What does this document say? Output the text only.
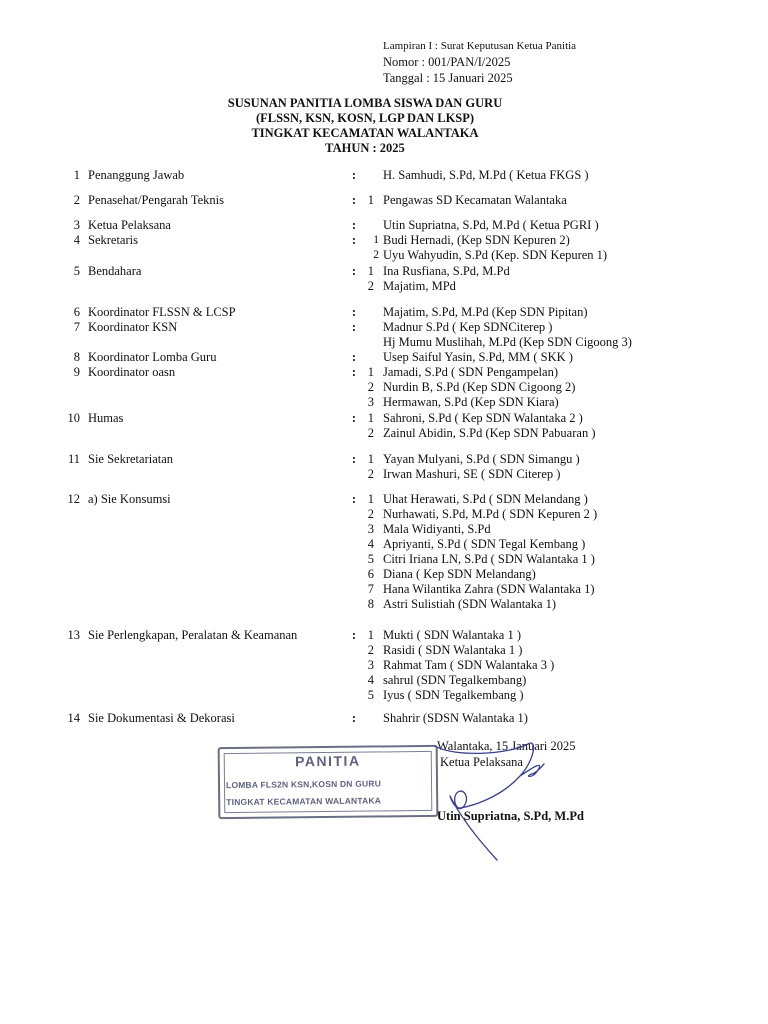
Lampiran I : Surat Keputusan Ketua Panitia
Nomor : 001/PAN/I/2025
Tanggal : 15 Januari 2025
SUSUNAN PANITIA LOMBA SISWA DAN GURU
(FLSSN, KSN, KOSN, LGP DAN LKSP)
TINGKAT KECAMATAN WALANTAKA
TAHUN : 2025
1 Penanggung Jawab	: H. Samhudi, S.Pd, M.Pd ( Ketua FKGS )
2 Penasehat/Pengarah Teknis	: 1 Pengawas SD Kecamatan Walantaka
3 Ketua Pelaksana	: Utin Supriatna, S.Pd, M.Pd ( Ketua PGRI )
4 Sekretaris	:	1 Budi Hernadi, (Kep SDN Kepuren 2)
2 Uyu Wahyudin, S.Pd (Kep. SDN Kepuren 1)
5 Bendahara	: 1 Ina Rusfiana, S.Pd, M.Pd
2 Majatim, MPd
6 Koordinator FLSSN & LCSP	: Majatim, S.Pd, M.Pd (Kep SDN Pipitan)
7 Koordinator KSN	: Madnur S.Pd ( Kep SDNCiterep )
Hj Mumu Muslihah, M.Pd (Kep SDN Cigoong 3)
8 Koordinator Lomba Guru	: Usep Saiful Yasin, S.Pd, MM ( SKK )
9 Koordinator oasn	: 1 Jamadi, S.Pd ( SDN Pengampelan)
2 Nurdin B, S.Pd (Kep SDN Cigoong 2)
3 Hermawan, S.Pd (Kep SDN Kiara)
10 Humas	: 1 Sahroni, S.Pd ( Kep SDN Walantaka 2 )
2 Zainul Abidin, S.Pd (Kep SDN Pabuaran )
11 Sie Sekretariatan	: 1 Yayan Mulyani, S.Pd ( SDN Simangu )
2 Irwan Mashuri, SE ( SDN Citerep )
12 a) Sie Konsumsi	: 1 Uhat Herawati, S.Pd ( SDN Melandang )
2 Nurhawati, S.Pd, M.Pd ( SDN Kepuren 2 )
3 Mala Widiyanti, S.Pd
4 Apriyanti, S.Pd ( SDN Tegal Kembang )
5 Citri Iriana LN, S.Pd ( SDN Walantaka 1 )
6 Diana ( Kep SDN Melandang)
7 Hana Wilantika Zahra (SDN Walantaka 1)
8 Astri Sulistiah (SDN Walantaka 1)
13 Sie Perlengkapan, Peralatan & Keamanan	: 1 Mukti ( SDN Walantaka 1 )
2 Rasidi ( SDN Walantaka 1 )
3 Rahmat Tam ( SDN Walantaka 3 )
4 sahrul (SDN Tegalkembang)
5 Iyus ( SDN Tegalkembang )
14 Sie Dokumentasi & Dekorasi	: Shahrir (SDSN Walantaka 1)
PANITIA
LOMBA FLS2N KSN,KOSN DN GURU
TINGKAT KECAMATAN WALANTAKA
Walantaka, 15 Januari 2025
Ketua Pelaksana
Utin Supriatna, S.Pd, M.Pd
